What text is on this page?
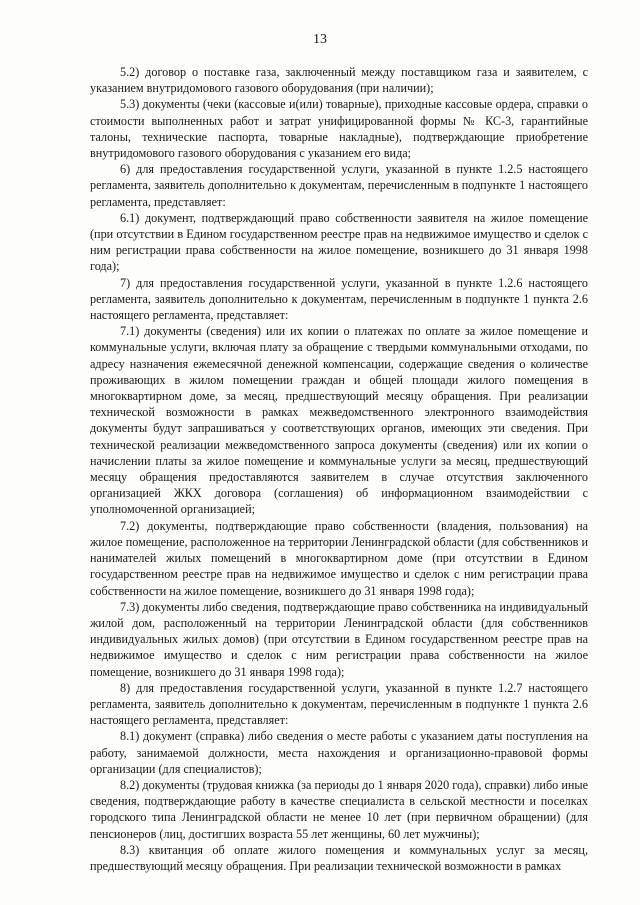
13

5.2) договор о поставке газа, заключенный между поставщиком газа и заявителем, с указанием внутридомового газового оборудования (при наличии);

5.3) документы (чеки (кассовые и(или) товарные), приходные кассовые ордера, справки о стоимости выполненных работ и затрат унифицированной формы № КС-3, гарантийные талоны, технические паспорта, товарные накладные), подтверждающие приобретение внутридомового газового оборудования с указанием его вида;

6) для предоставления государственной услуги, указанной в пункте 1.2.5 настоящего регламента, заявитель дополнительно к документам, перечисленным в подпункте 1 настоящего регламента, представляет:

6.1) документ, подтверждающий право собственности заявителя на жилое помещение (при отсутствии в Едином государственном реестре прав на недвижимое имущество и сделок с ним регистрации права собственности на жилое помещение, возникшего до 31 января 1998 года);

7) для предоставления государственной услуги, указанной в пункте 1.2.6 настоящего регламента, заявитель дополнительно к документам, перечисленным в подпункте 1 пункта 2.6 настоящего регламента, представляет:

7.1) документы (сведения) или их копии о платежах по оплате за жилое помещение и коммунальные услуги, включая плату за обращение с твердыми коммунальными отходами, по адресу назначения ежемесячной денежной компенсации, содержащие сведения о количестве проживающих в жилом помещении граждан и общей площади жилого помещения в многоквартирном доме, за месяц, предшествующий месяцу обращения. При реализации технической возможности в рамках межведомственного электронного взаимодействия документы будут запрашиваться у соответствующих органов, имеющих эти сведения. При технической реализации межведомственного запроса документы (сведения) или их копии о начислении платы за жилое помещение и коммунальные услуги за месяц, предшествующий месяцу обращения предоставляются заявителем в случае отсутствия заключенного организацией ЖКХ договора (соглашения) об информационном взаимодействии с уполномоченной организацией;

7.2) документы, подтверждающие право собственности (владения, пользования) на жилое помещение, расположенное на территории Ленинградской области (для собственников и нанимателей жилых помещений в многоквартирном доме (при отсутствии в Едином государственном реестре прав на недвижимое имущество и сделок с ним регистрации права собственности на жилое помещение, возникшего до 31 января 1998 года);

7.3) документы либо сведения, подтверждающие право собственника на индивидуальный жилой дом, расположенный на территории Ленинградской области (для собственников индивидуальных жилых домов) (при отсутствии в Едином государственном реестре прав на недвижимое имущество и сделок с ним регистрации права собственности на жилое помещение, возникшего до 31 января 1998 года);

8) для предоставления государственной услуги, указанной в пункте 1.2.7 настоящего регламента, заявитель дополнительно к документам, перечисленным в подпункте 1 пункта 2.6 настоящего регламента, представляет:

8.1) документ (справка) либо сведения о месте работы с указанием даты поступления на работу, занимаемой должности, места нахождения и организационно-правовой формы организации (для специалистов);

8.2) документы (трудовая книжка (за периоды до 1 января 2020 года), справки) либо иные сведения, подтверждающие работу в качестве специалиста в сельской местности и поселках городского типа Ленинградской области не менее 10 лет (при первичном обращении) (для пенсионеров (лиц, достигших возраста 55 лет женщины, 60 лет мужчины);

8.3) квитанция об оплате жилого помещения и коммунальных услуг за месяц, предшествующий месяцу обращения. При реализации технической возможности в рамках
